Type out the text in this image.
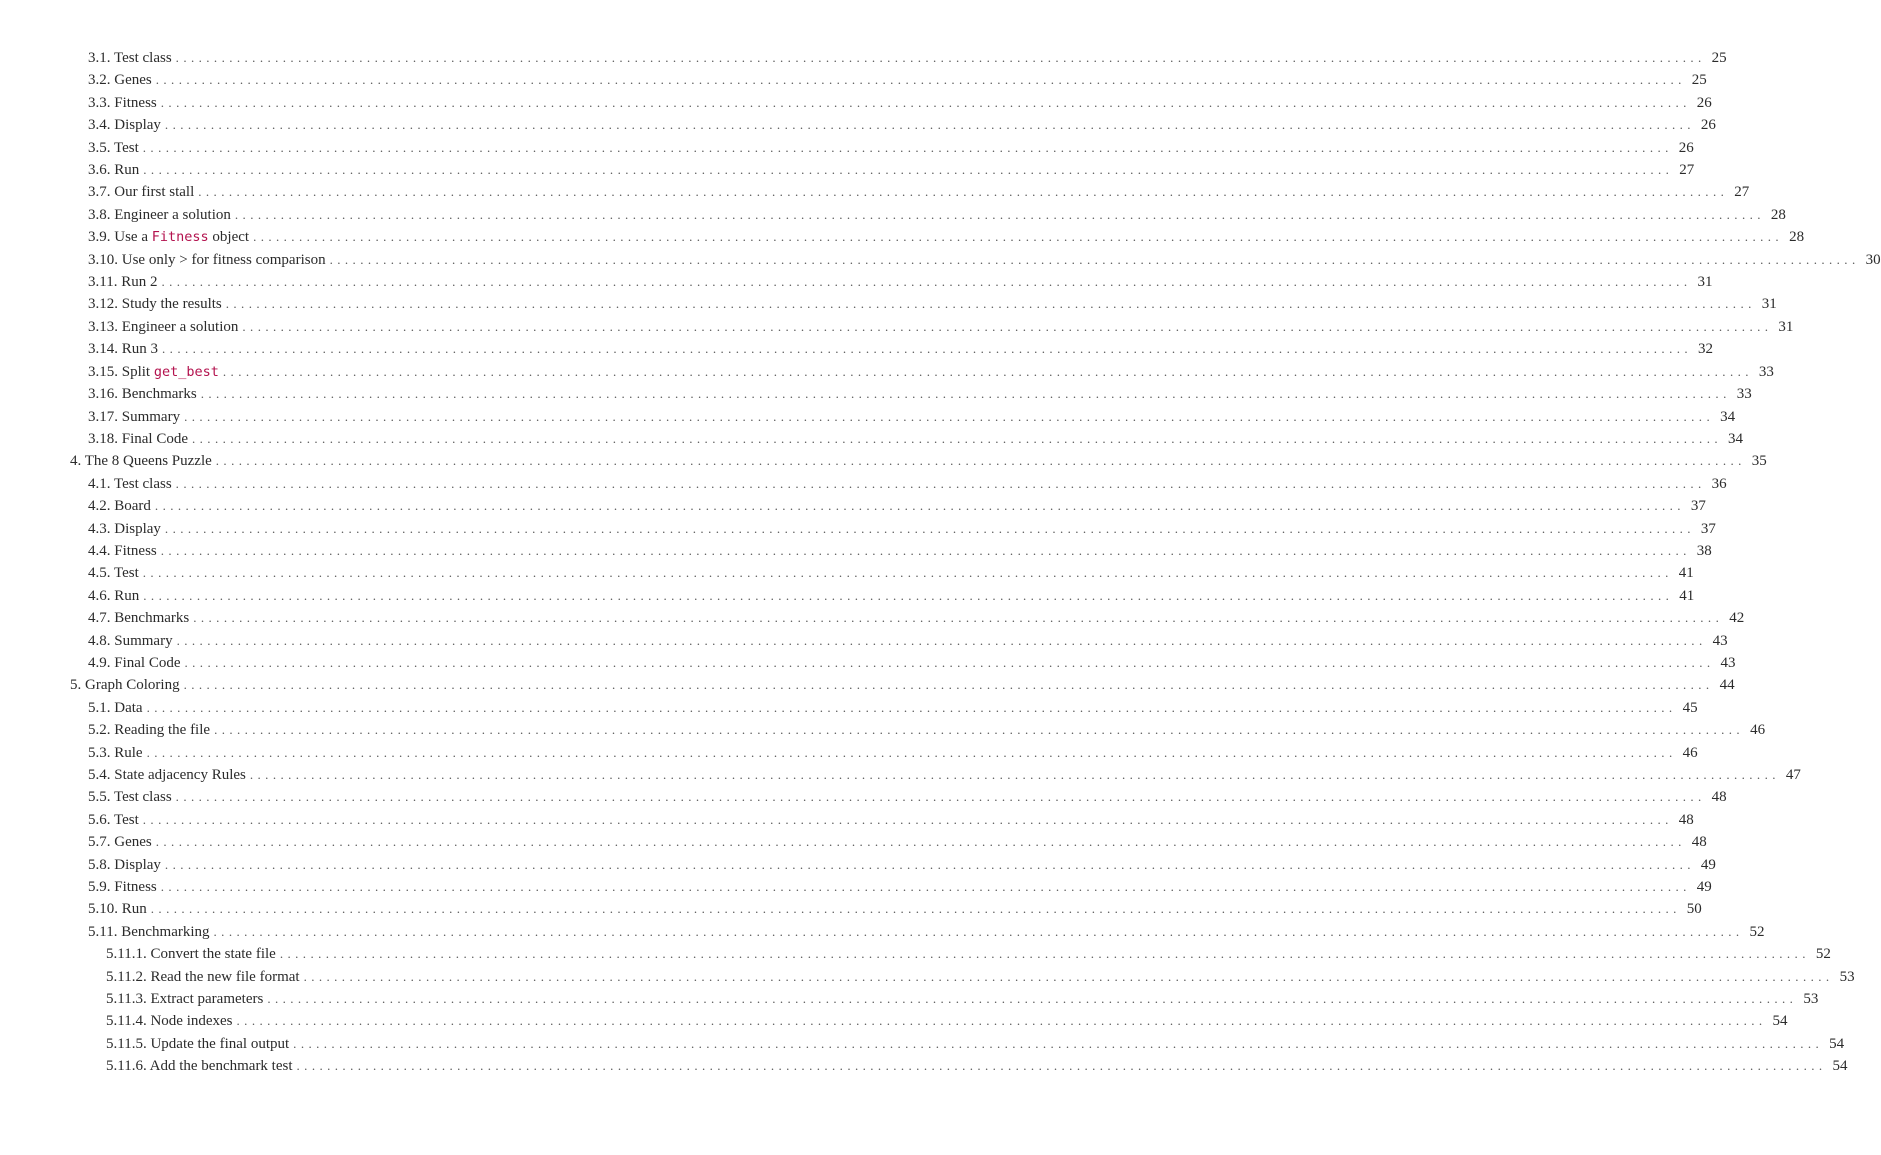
3.1. Test class ........................................................................................................................................................................................................ 25
3.2. Genes ........................................................................................................................................................................................................ 25
3.3. Fitness ........................................................................................................................................................................................................ 26
3.4. Display ........................................................................................................................................................................................................ 26
3.5. Test ........................................................................................................................................................................................................ 26
3.6. Run ........................................................................................................................................................................................................ 27
3.7. Our first stall ........................................................................................................................................................................................................ 27
3.8. Engineer a solution ........................................................................................................................................................................................................ 28
3.9. Use a Fitness object ........................................................................................................................................................................................................ 28
3.10. Use only > for fitness comparison ........................................................................................................................................................................................................ 30
3.11. Run 2 ........................................................................................................................................................................................................ 31
3.12. Study the results ........................................................................................................................................................................................................ 31
3.13. Engineer a solution ........................................................................................................................................................................................................ 31
3.14. Run 3 ........................................................................................................................................................................................................ 32
3.15. Split get_best ........................................................................................................................................................................................................ 33
3.16. Benchmarks ........................................................................................................................................................................................................ 33
3.17. Summary ........................................................................................................................................................................................................ 34
3.18. Final Code ........................................................................................................................................................................................................ 34
4. The 8 Queens Puzzle ........................................................................................................................................................................................................ 35
4.1. Test class ........................................................................................................................................................................................................ 36
4.2. Board ........................................................................................................................................................................................................ 37
4.3. Display ........................................................................................................................................................................................................ 37
4.4. Fitness ........................................................................................................................................................................................................ 38
4.5. Test ........................................................................................................................................................................................................ 41
4.6. Run ........................................................................................................................................................................................................ 41
4.7. Benchmarks ........................................................................................................................................................................................................ 42
4.8. Summary ........................................................................................................................................................................................................ 43
4.9. Final Code ........................................................................................................................................................................................................ 43
5. Graph Coloring ........................................................................................................................................................................................................ 44
5.1. Data ........................................................................................................................................................................................................ 45
5.2. Reading the file ........................................................................................................................................................................................................ 46
5.3. Rule ........................................................................................................................................................................................................ 46
5.4. State adjacency Rules ........................................................................................................................................................................................................ 47
5.5. Test class ........................................................................................................................................................................................................ 48
5.6. Test ........................................................................................................................................................................................................ 48
5.7. Genes ........................................................................................................................................................................................................ 48
5.8. Display ........................................................................................................................................................................................................ 49
5.9. Fitness ........................................................................................................................................................................................................ 49
5.10. Run ........................................................................................................................................................................................................ 50
5.11. Benchmarking ........................................................................................................................................................................................................ 52
5.11.1. Convert the state file ........................................................................................................................................................................................................ 52
5.11.2. Read the new file format ........................................................................................................................................................................................................ 53
5.11.3. Extract parameters ........................................................................................................................................................................................................ 53
5.11.4. Node indexes ........................................................................................................................................................................................................ 54
5.11.5. Update the final output ........................................................................................................................................................................................................ 54
5.11.6. Add the benchmark test ........................................................................................................................................................................................................ 54
